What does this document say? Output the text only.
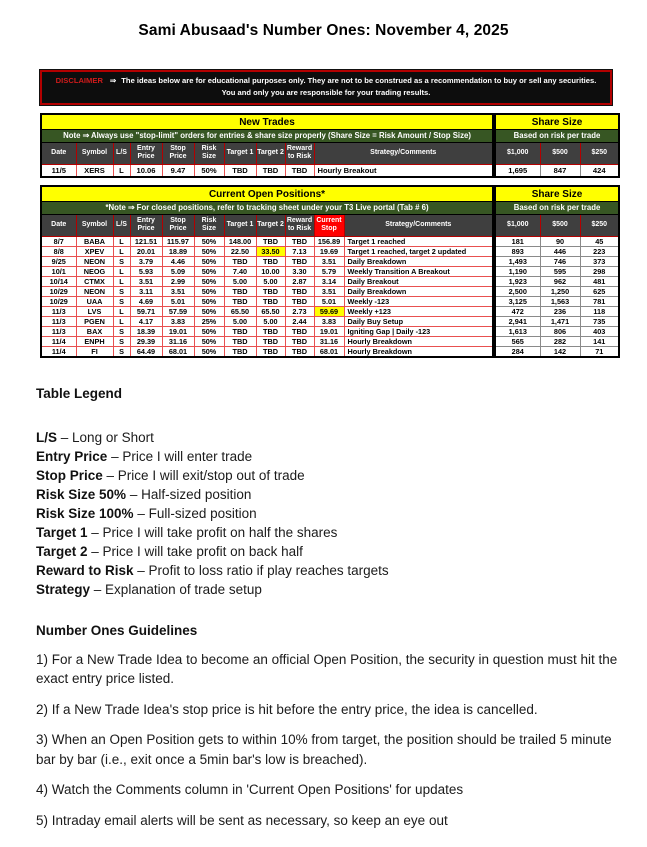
Sami Abusaad's Number Ones: November 4, 2025
DISCLAIMER ⇒ The ideas below are for educational purposes only. They are not to be construed as a recommendation to buy or sell any securities.
You and only you are responsible for your trading results.
New Trades										Share Size		
Note ⇒ Always use "stop-limit" orders for entries & share size properly (Share Size = Risk Amount / Stop Size)										Based on risk per trade		
Date	Symbol	L/S	Entry Price	Stop Price	Risk Size	Target 1	Target 2	Reward to Risk	Strategy/Comments	$1,000	$500	$250
11/5	XERS	L	10.06	9.47	50%	TBD	TBD	TBD	Hourly Breakout	1,695	847	424
Current Open Positions*											Share Size		
*Note ⇒ For closed positions, refer to tracking sheet under your T3 Live portal (Tab # 6)											Based on risk per trade		
Date	Symbol	L/S	Entry Price	Stop Price	Risk Size	Target 1	Target 2	Reward to Risk	Current Stop	Strategy/Comments	$1,000	$500	$250
8/7	BABA	L	121.51	115.97	50%	148.00	TBD	TBD	156.89	Target 1 reached	181	90	45
8/8	XPEV	L	20.01	18.89	50%	22.50	33.50	7.13	19.69	Target 1 reached, target 2 updated	893	446	223
9/25	NEON	S	3.79	4.46	50%	TBD	TBD	TBD	3.51	Daily Breakdown	1,493	746	373
10/1	NEOG	L	5.93	5.09	50%	7.40	10.00	3.30	5.79	Weekly Transition A Breakout	1,190	595	298
10/14	CTMX	L	3.51	2.99	50%	5.00	5.00	2.87	3.14	Daily Breakout	1,923	962	481
10/29	NEON	S	3.11	3.51	50%	TBD	TBD	TBD	3.51	Daily Breakdown	2,500	1,250	625
10/29	UAA	S	4.69	5.01	50%	TBD	TBD	TBD	5.01	Weekly -123	3,125	1,563	781
11/3	LVS	L	59.71	57.59	50%	65.50	65.50	2.73	59.69	Weekly +123	472	236	118
11/3	PGEN	L	4.17	3.83	25%	5.00	5.00	2.44	3.83	Daily Buy Setup	2,941	1,471	735
11/3	BAX	S	18.39	19.01	50%	TBD	TBD	TBD	19.01	Igniting Gap | Daily -123	1,613	806	403
11/4	ENPH	S	29.39	31.16	50%	TBD	TBD	TBD	31.16	Hourly Breakdown	565	282	141
11/4	FI	S	64.49	68.01	50%	TBD	TBD	TBD	68.01	Hourly Breakdown	284	142	71
Table Legend
L/S – Long or Short
Entry Price – Price I will enter trade
Stop Price – Price I will exit/stop out of trade
Risk Size 50% – Half-sized position
Risk Size 100% – Full-sized position
Target 1 – Price I will take profit on half the shares
Target 2 – Price I will take profit on back half
Reward to Risk – Profit to loss ratio if play reaches targets
Strategy – Explanation of trade setup
Number Ones Guidelines

1) For a New Trade Idea to become an official Open Position, the security in question must hit the exact entry price listed.

2) If a New Trade Idea's stop price is hit before the entry price, the idea is cancelled.

3) When an Open Position gets to within 10% from target, the position should be trailed 5 minute bar by bar (i.e., exit once a 5min bar's low is breached).

4) Watch the Comments column in 'Current Open Positions' for updates

5) Intraday email alerts will be sent as necessary, so keep an eye out
